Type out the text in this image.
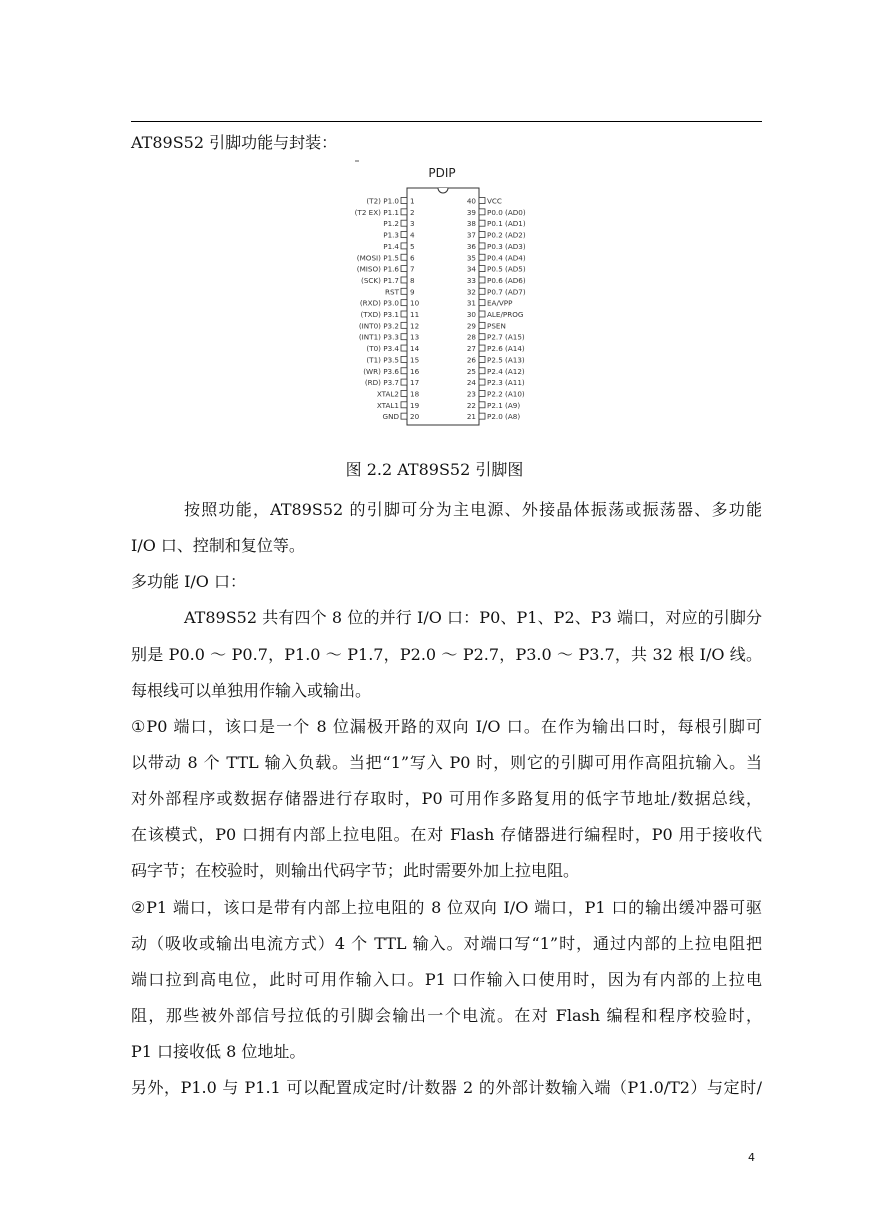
AT89S52 引脚功能与封装：
PDIP
1
(T2) P1.0
2
(T2 EX) P1.1
3
P1.2
4
P1.3
5
P1.4
6
(MOSI) P1.5
7
(MISO) P1.6
8
(SCK) P1.7
9
RST
10
(RXD) P3.0
11
(TXD) P3.1
12
(INT0) P3.2
13
(INT1) P3.3
14
(T0) P3.4
15
(T1) P3.5
16
(WR) P3.6
17
(RD) P3.7
18
XTAL2
19
XTAL1
20
GND
40 VCC
39 P0.0 (AD0)
38 P0.1 (AD1)
37 P0.2 (AD2)
36 P0.3 (AD3)
35 P0.4 (AD4)
34 P0.5 (AD5)
33 P0.6 (AD6)
32 P0.7 (AD7)
31 EA/VPP
30 ALE/PROG
29 PSEN
28 P2.7 (A15)
27 P2.6 (A14)
26 P2.5 (A13)
25 P2.4 (A12)
24 P2.3 (A11)
23 P2.2 (A10)
22 P2.1 (A9)
21 P2.0 (A8)
图 2.2 AT89S52 引脚图
按照功能，AT89S52 的引脚可分为主电源、外接晶体振荡或振荡器、多功能
I/O 口、控制和复位等。
多功能 I/O 口：
AT89S52 共有四个 8 位的并行 I/O 口：P0、P1、P2、P3 端口，对应的引脚分
别是 P0.0 ～ P0.7，P1.0 ～ P1.7，P2.0 ～ P2.7，P3.0 ～ P3.7，共 32 根 I/O 线。
每根线可以单独用作输入或输出。
①P0 端口，该口是一个 8 位漏极开路的双向 I/O 口。在作为输出口时，每根引脚可
以带动 8 个 TTL 输入负载。当把“1”写入 P0 时，则它的引脚可用作高阻抗输入。当
对外部程序或数据存储器进行存取时，P0 可用作多路复用的低字节地址/数据总线，
在该模式，P0 口拥有内部上拉电阻。在对 Flash 存储器进行编程时，P0 用于接收代
码字节；在校验时，则输出代码字节；此时需要外加上拉电阻。
②P1 端口，该口是带有内部上拉电阻的 8 位双向 I/O 端口，P1 口的输出缓冲器可驱
动（吸收或输出电流方式）4 个 TTL 输入。对端口写“1”时，通过内部的上拉电阻把
端口拉到高电位，此时可用作输入口。P1 口作输入口使用时，因为有内部的上拉电
阻，那些被外部信号拉低的引脚会输出一个电流。在对 Flash 编程和程序校验时，
P1 口接收低 8 位地址。
另外，P1.0 与 P1.1 可以配置成定时/计数器 2 的外部计数输入端（P1.0/T2）与定时/
4
